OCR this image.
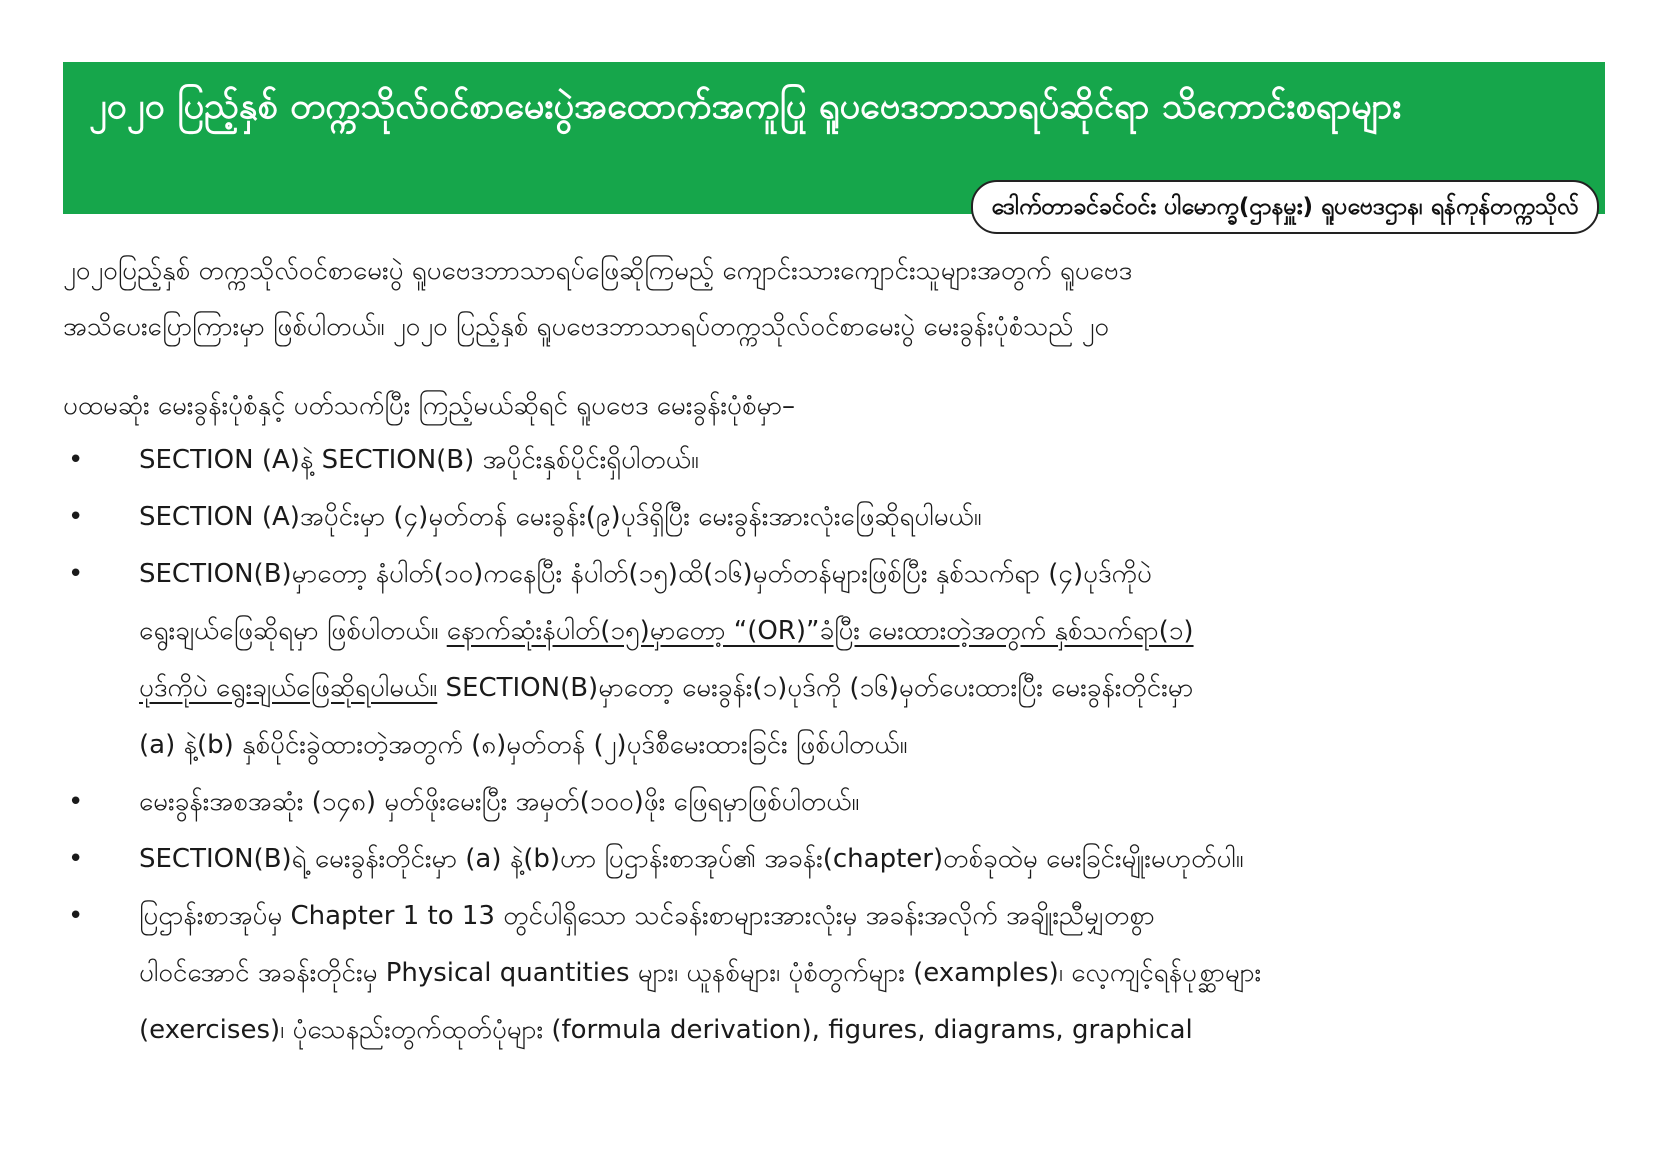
၂၀၂၀ ပြည့်နှစ် တက္ကသိုလ်ဝင်စာမေးပွဲအထောက်အကူပြု ရူပဗေဒဘာသာရပ်ဆိုင်ရာ သိကောင်းစရာများ
ဒေါက်တာခင်ခင်ဝင်း ပါမောက္ခ(ဌာနမှူး) ရူပဗေဒဌာန၊ ရန်ကုန်တက္ကသိုလ်
၂၀၂၀ပြည့်နှစ် တက္ကသိုလ်ဝင်စာမေးပွဲ ရူပဗေဒဘာသာရပ်ဖြေဆိုကြမည့် ကျောင်းသားကျောင်းသူများအတွက် ရူပဗေဒ
အသိပေးပြောကြားမှာ ဖြစ်ပါတယ်။ ၂၀၂၀ ပြည့်နှစ် ရူပဗေဒဘာသာရပ်တက္ကသိုလ်ဝင်စာမေးပွဲ မေးခွန်းပုံစံသည် ၂၀
ပထမဆုံး မေးခွန်းပုံစံနှင့် ပတ်သက်ပြီး ကြည့်မယ်ဆိုရင် ရူပဗေဒ မေးခွန်းပုံစံမှာ–
• SECTION (A)နဲ့ SECTION(B) အပိုင်းနှစ်ပိုင်းရှိပါတယ်။
• SECTION (A)အပိုင်းမှာ (၄)မှတ်တန် မေးခွန်း(၉)ပုဒ်ရှိပြီး မေးခွန်းအားလုံးဖြေဆိုရပါမယ်။
• SECTION(B)မှာတော့ နံပါတ်(၁၀)ကနေပြီး နံပါတ်(၁၅)ထိ(၁၆)မှတ်တန်များဖြစ်ပြီး နှစ်သက်ရာ (၄)ပုဒ်ကိုပဲ
ရွေးချယ်ဖြေဆိုရမှာ ဖြစ်ပါတယ်။ နောက်ဆုံးနံပါတ်(၁၅)မှာတော့ “(OR)”ခံပြီး မေးထားတဲ့အတွက် နှစ်သက်ရာ(၁)
ပုဒ်ကိုပဲ ရွေးချယ်ဖြေဆိုရပါမယ်။ SECTION(B)မှာတော့ မေးခွန်း(၁)ပုဒ်ကို (၁၆)မှတ်ပေးထားပြီး မေးခွန်းတိုင်းမှာ
(a) နဲ့(b) နှစ်ပိုင်းခွဲထားတဲ့အတွက် (၈)မှတ်တန် (၂)ပုဒ်စီမေးထားခြင်း ဖြစ်ပါတယ်။
• မေးခွန်းအစအဆုံး (၁၄၈) မှတ်ဖိုးမေးပြီး အမှတ်(၁၀၀)ဖိုး ဖြေရမှာဖြစ်ပါတယ်။
• SECTION(B)ရဲ့ မေးခွန်းတိုင်းမှာ (a) နဲ့(b)ဟာ ပြဌာန်းစာအုပ်၏ အခန်း(chapter)တစ်ခုထဲမှ မေးခြင်းမျိုးမဟုတ်ပါ။
• ပြဌာန်းစာအုပ်မှ Chapter 1 to 13 တွင်ပါရှိသော သင်ခန်းစာများအားလုံးမှ အခန်းအလိုက် အချိုးညီမျှတစွာ
ပါဝင်အောင် အခန်းတိုင်းမှ Physical quantities များ၊ ယူနစ်များ၊ ပုံစံတွက်များ (examples)၊ လေ့ကျင့်ရန်ပုစ္ဆာများ
(exercises)၊ ပုံသေနည်းတွက်ထုတ်ပုံများ (formula derivation), figures, diagrams, graphical
